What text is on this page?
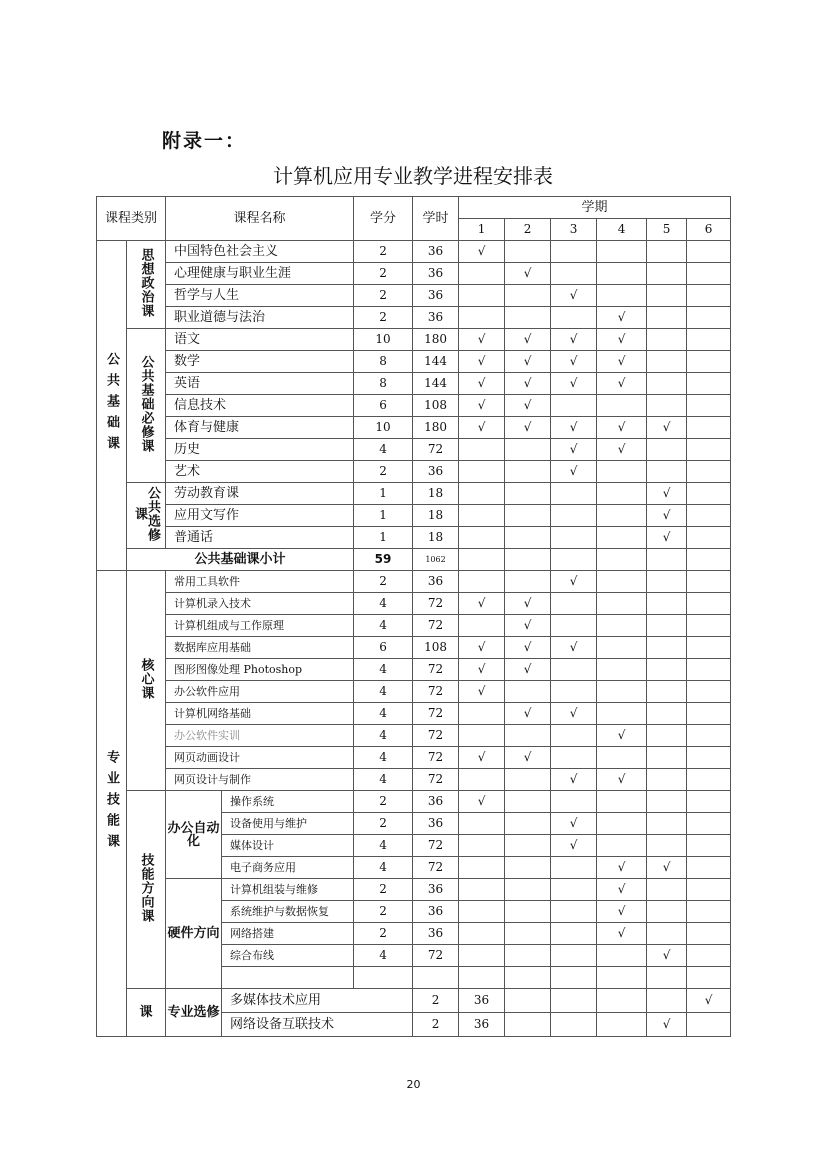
附录一：
计算机应用专业教学进程安排表
课程类别		课程名称		学分	学时	学期						
						1	2	3	4	5	6	
公共基础课	思想政治课	中国特色社会主义		2	36	√						
		心理健康与职业生涯		2	36		√					
		哲学与人生		2	36			√				
		职业道德与法治		2	36				√			
	公共基础必修课	语文		10	180	√	√	√	√			
		数学		8	144	√	√	√	√			
		英语		8	144	√	√	√	√			
		信息技术		6	108	√	√					
		体育与健康		10	180	√	√	√	√	√		
		历史		4	72			√	√			
		艺术		2	36			√				
	公共选修课	劳动教育课		1	18					√		
		应用文写作		1	18					√		
		普通话		1	18					√		
	公共基础课小计			59	1062							
专业技能课	核心课	常用工具软件		2	36			√				
		计算机录入技术		4	72	√	√					
		计算机组成与工作原理		4	72		√					
		数据库应用基础		6	108	√	√	√				
		图形图像处理 Photoshop		4	72	√	√					
		办公软件应用		4	72	√						
		计算机网络基础		4	72		√	√				
		办公软件实训		4	72				√			
		网页动画设计		4	72	√	√					
		网页设计与制作		4	72			√	√			
	技能方向课	办公自动化	操作系统	2	36	√						
			设备使用与维护	2	36			√				
			媒体设计	4	72			√				
			电子商务应用	4	72				√	√		
		硬件方向	计算机组装与维修	2	36				√			
			系统维护与数据恢复	2	36				√			
			网络搭建	2	36				√			
			综合布线	4	72					√		

	课	专业选修	多媒体技术应用		2	36					√	
			网络设备互联技术		2	36				√		
20
